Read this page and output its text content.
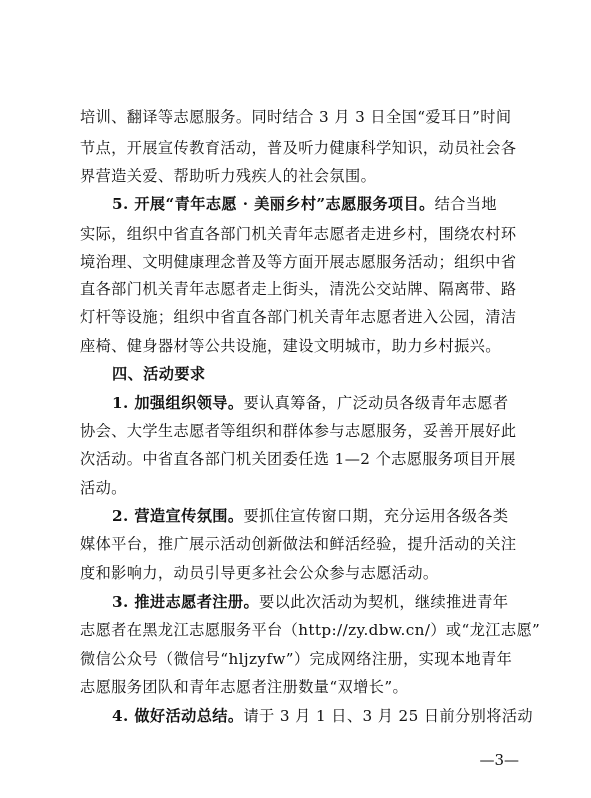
培训、翻译等志愿服务。同时结合 3 月 3 日全国“爱耳日”时间
节点，开展宣传教育活动，普及听力健康科学知识，动员社会各
界营造关爱、帮助听力残疾人的社会氛围。
5. 开展“青年志愿 · 美丽乡村”志愿服务项目。结合当地
实际，组织中省直各部门机关青年志愿者走进乡村，围绕农村环
境治理、文明健康理念普及等方面开展志愿服务活动；组织中省
直各部门机关青年志愿者走上街头，清洗公交站牌、隔离带、路
灯杆等设施；组织中省直各部门机关青年志愿者进入公园，清洁
座椅、健身器材等公共设施，建设文明城市，助力乡村振兴。
四、活动要求
1. 加强组织领导。要认真筹备，广泛动员各级青年志愿者
协会、大学生志愿者等组织和群体参与志愿服务，妥善开展好此
次活动。中省直各部门机关团委任选 1—2 个志愿服务项目开展
活动。
2. 营造宣传氛围。要抓住宣传窗口期，充分运用各级各类
媒体平台，推广展示活动创新做法和鲜活经验，提升活动的关注
度和影响力，动员引导更多社会公众参与志愿活动。
3. 推进志愿者注册。要以此次活动为契机，继续推进青年
志愿者在黑龙江志愿服务平台（http://zy.dbw.cn/）或“龙江志愿”
微信公众号（微信号“hljzyfw”）完成网络注册，实现本地青年
志愿服务团队和青年志愿者注册数量“双增长”。
4. 做好活动总结。请于 3 月 1 日、3 月 25 日前分别将活动
—3—
